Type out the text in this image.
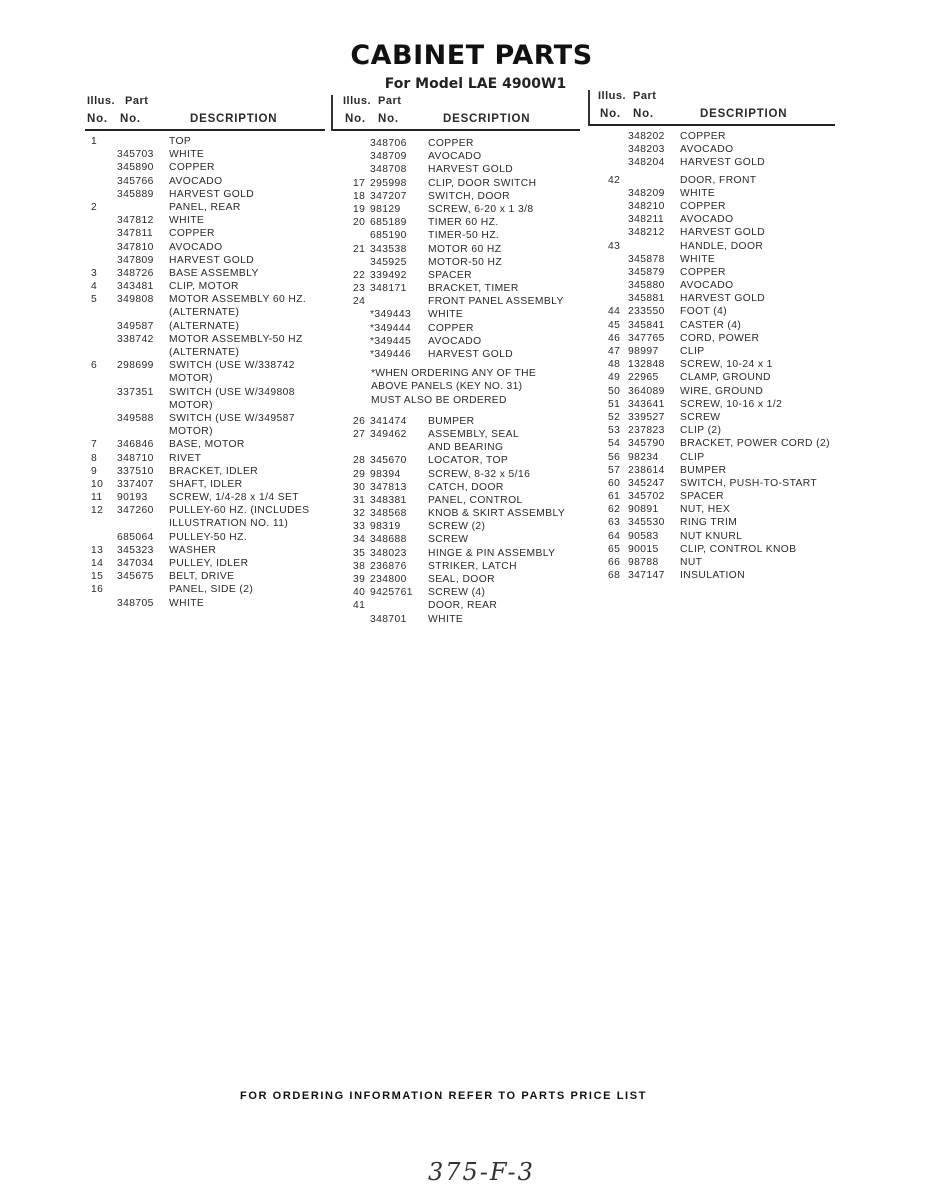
CABINET PARTS
For Model LAE 4900W1
Illus. Part
No. No.	DESCRIPTION
1	TOP
345703 WHITE
345890 COPPER
345766 AVOCADO
345889 HARVEST GOLD
2	PANEL, REAR
347812 WHITE
347811 COPPER
347810 AVOCADO
347809 HARVEST GOLD
3 348726 BASE ASSEMBLY
4 343481 CLIP, MOTOR
5 349808 MOTOR ASSEMBLY 60 HZ.
(ALTERNATE)
349587 (ALTERNATE)
338742 MOTOR ASSEMBLY-50 HZ
(ALTERNATE)
6 298699 SWITCH (USE W/338742
MOTOR)
337351 SWITCH (USE W/349808
MOTOR)
349588 SWITCH (USE W/349587
MOTOR)
7 346846 BASE, MOTOR
8 348710 RIVET
9 337510 BRACKET, IDLER
10 337407 SHAFT, IDLER
11 90193 SCREW, 1/4-28 x 1/4 SET
12 347260 PULLEY-60 HZ. (INCLUDES
ILLUSTRATION NO. 11)
685064 PULLEY-50 HZ.
13 345323 WASHER
14 347034 PULLEY, IDLER
15 345675 BELT, DRIVE
16	PANEL, SIDE (2)
348705 WHITE
Illus. Part
No. No.	DESCRIPTION
348706 COPPER
348709 AVOCADO
348708 HARVEST GOLD
17 295998 CLIP, DOOR SWITCH
18 347207 SWITCH, DOOR
19 98129	SCREW, 6-20 x 1 3/8
20 685189 TIMER 60 HZ.
685190 TIMER-50 HZ.
21 343538 MOTOR 60 HZ
345925 MOTOR-50 HZ
22 339492 SPACER
23 348171 BRACKET, TIMER
24	FRONT PANEL ASSEMBLY
*349443 WHITE
*349444 COPPER
*349445 AVOCADO
*349446 HARVEST GOLD
*WHEN ORDERING ANY OF THE
ABOVE PANELS (KEY NO. 31)
MUST ALSO BE ORDERED
26 341474 BUMPER
27 349462 ASSEMBLY, SEAL
AND BEARING
28 345670 LOCATOR, TOP
29 98394	SCREW, 8-32 x 5/16
30 347813 CATCH, DOOR
31 348381 PANEL, CONTROL
32 348568 KNOB & SKIRT ASSEMBLY
33 98319	SCREW (2)
34 348688 SCREW
35 348023 HINGE & PIN ASSEMBLY
38 236876 STRIKER, LATCH
39 234800 SEAL, DOOR
40 9425761 SCREW (4)
41	DOOR, REAR
348701 WHITE
Illus. Part
No. No.	DESCRIPTION
348202 COPPER
348203 AVOCADO
348204 HARVEST GOLD
42	DOOR, FRONT
348209 WHITE
348210 COPPER
348211 AVOCADO
348212 HARVEST GOLD
43	HANDLE, DOOR
345878 WHITE
345879 COPPER
345880 AVOCADO
345881 HARVEST GOLD
44 233550 FOOT (4)
45 345841 CASTER (4)
46 347765 CORD, POWER
47 98997 CLIP
48 132848 SCREW, 10-24 x 1
49 22965 CLAMP, GROUND
50 364089 WIRE, GROUND
51 343641 SCREW, 10-16 x 1/2
52 339527 SCREW
53 237823 CLIP (2)
54 345790 BRACKET, POWER CORD (2)
56 98234 CLIP
57 238614 BUMPER
60 345247 SWITCH, PUSH-TO-START
61 345702 SPACER
62 90891 NUT, HEX
63 345530 RING TRIM
64 90583 NUT KNURL
65 90015 CLIP, CONTROL KNOB
66 98788 NUT
68 347147 INSULATION
FOR ORDERING INFORMATION REFER TO PARTS PRICE LIST
375-F-3
